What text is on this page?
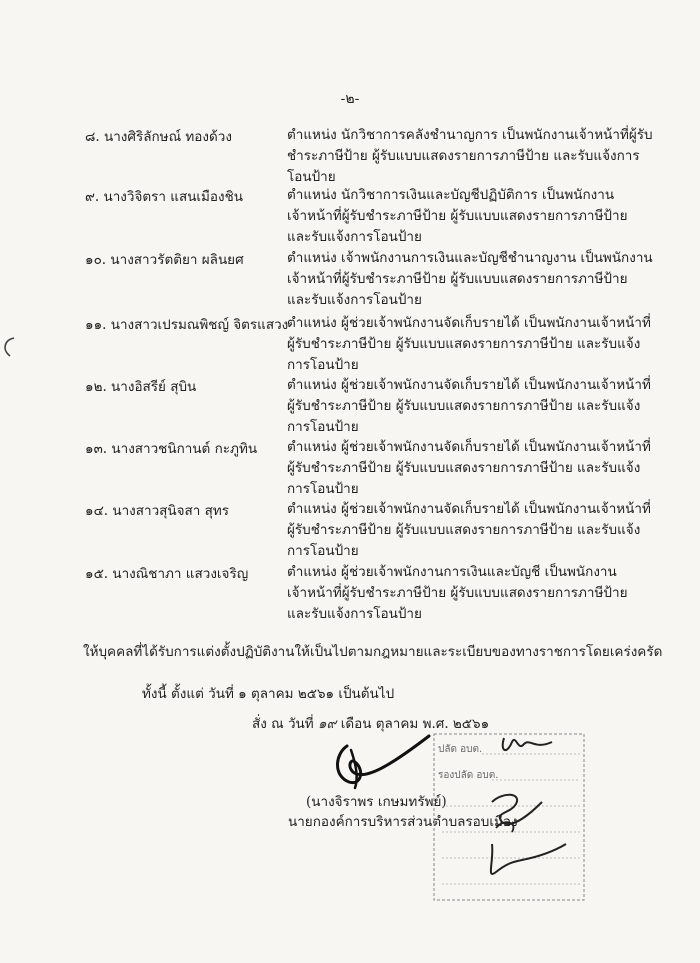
-๒-
๘. นางศิริลักษณ์ ทองด้วง	ตำแหน่ง นักวิชาการคลังชำนาญการ เป็นพนักงานเจ้าหน้าที่ผู้รับ
ชำระภาษีป้าย ผู้รับแบบแสดงรายการภาษีป้าย และรับแจ้งการ
โอนป้าย
๙. นางวิจิตรา แสนเมืองชิน	ตำแหน่ง นักวิชาการเงินและบัญชีปฏิบัติการ เป็นพนักงาน
เจ้าหน้าที่ผู้รับชำระภาษีป้าย ผู้รับแบบแสดงรายการภาษีป้าย
และรับแจ้งการโอนป้าย
๑๐. นางสาวรัตติยา ผลินยศ	ตำแหน่ง เจ้าพนักงานการเงินและบัญชีชำนาญงาน เป็นพนักงาน
เจ้าหน้าที่ผู้รับชำระภาษีป้าย ผู้รับแบบแสดงรายการภาษีป้าย
และรับแจ้งการโอนป้าย
๑๑. นางสาวเปรมณพิชญ์ จิตรแสวง
ตำแหน่ง ผู้ช่วยเจ้าพนักงานจัดเก็บรายได้ เป็นพนักงานเจ้าหน้าที่
ผู้รับชำระภาษีป้าย ผู้รับแบบแสดงรายการภาษีป้าย และรับแจ้ง
การโอนป้าย
๑๒. นางอิสรีย์ สุบิน	ตำแหน่ง ผู้ช่วยเจ้าพนักงานจัดเก็บรายได้ เป็นพนักงานเจ้าหน้าที่
ผู้รับชำระภาษีป้าย ผู้รับแบบแสดงรายการภาษีป้าย และรับแจ้ง
การโอนป้าย
๑๓. นางสาวชนิกานต์ กะภูทิน ตำแหน่ง ผู้ช่วยเจ้าพนักงานจัดเก็บรายได้ เป็นพนักงานเจ้าหน้าที่
ผู้รับชำระภาษีป้าย ผู้รับแบบแสดงรายการภาษีป้าย และรับแจ้ง
การโอนป้าย
๑๔. นางสาวสุนิจสา สุทร	ตำแหน่ง ผู้ช่วยเจ้าพนักงานจัดเก็บรายได้ เป็นพนักงานเจ้าหน้าที่
ผู้รับชำระภาษีป้าย ผู้รับแบบแสดงรายการภาษีป้าย และรับแจ้ง
การโอนป้าย
๑๕. นางณิชาภา แสวงเจริญ	ตำแหน่ง ผู้ช่วยเจ้าพนักงานการเงินและบัญชี เป็นพนักงาน
เจ้าหน้าที่ผู้รับชำระภาษีป้าย ผู้รับแบบแสดงรายการภาษีป้าย
และรับแจ้งการโอนป้าย
ให้บุคคลที่ได้รับการแต่งตั้งปฏิบัติงานให้เป็นไปตามกฎหมายและระเบียบของทางราชการโดยเคร่งครัด
ทั้งนี้ ตั้งแต่ วันที่ ๑ ตุลาคม ๒๕๖๑ เป็นต้นไป
สั่ง ณ วันที่ ๑๙ เดือน ตุลาคม พ.ศ. ๒๕๖๑
(นางจิราพร เกษมทรัพย์)
นายกองค์การบริหารส่วนตำบลรอบเมือง
ปลัด อบต.
รองปลัด อบต.
